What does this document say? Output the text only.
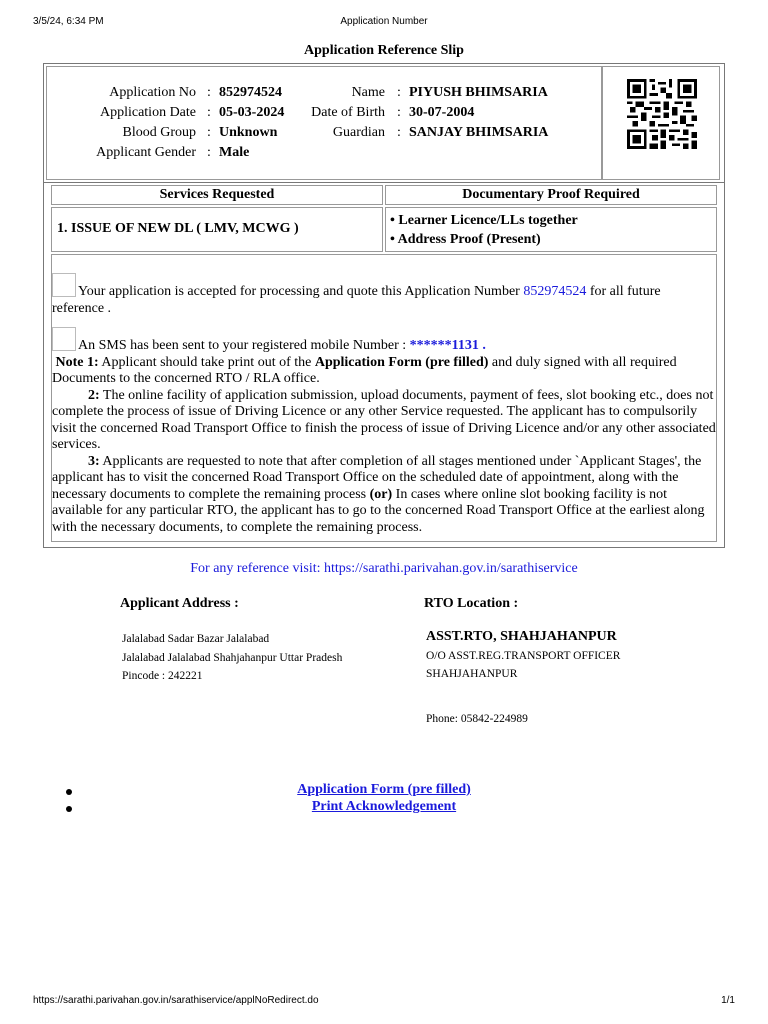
3/5/24, 6:34 PM	Application Number
Application Reference Slip
Application No : 852974524	Name : PIYUSH BHIMSARIA
Application Date : 05-03-2024	Date of Birth : 30-07-2004
Blood Group : Unknown	Guardian : SANJAY BHIMSARIA
Applicant Gender : Male
Services Requested	Documentary Proof Required
1. ISSUE OF NEW DL ( LMV, MCWG )
• Learner Licence/LLs together
• Address Proof (Present)
Your application is accepted for processing and quote this Application Number 852974524 for all future reference .
An SMS has been sent to your registered mobile Number : ******1131 .
Note 1: Applicant should take print out of the Application Form (pre filled) and duly signed with all required Documents to the concerned RTO / RLA office.
2: The online facility of application submission, upload documents, payment of fees, slot booking etc., does not complete the process of issue of Driving Licence or any other Service requested. The applicant has to compulsorily visit the concerned Road Transport Office to finish the process of issue of Driving Licence and/or any other associated services.
3: Applicants are requested to note that after completion of all stages mentioned under `Applicant Stages', the applicant has to visit the concerned Road Transport Office on the scheduled date of appointment, along with the necessary documents to complete the remaining process (or) In cases where online slot booking facility is not available for any particular RTO, the applicant has to go to the concerned Road Transport Office at the earliest along with the necessary documents, to complete the remaining process.
For any reference visit: https://sarathi.parivahan.gov.in/sarathiservice
Applicant Address :
Jalalabad Sadar Bazar Jalalabad
Jalalabad Jalalabad Shahjahanpur Uttar Pradesh
Pincode : 242221
RTO Location :
ASST.RTO, SHAHJAHANPUR
O/O ASST.REG.TRANSPORT OFFICER
SHAHJAHANPUR
Phone: 05842-224989
Application Form (pre filled)
Print Acknowledgement
https://sarathi.parivahan.gov.in/sarathiservice/applNoRedirect.do	1/1
